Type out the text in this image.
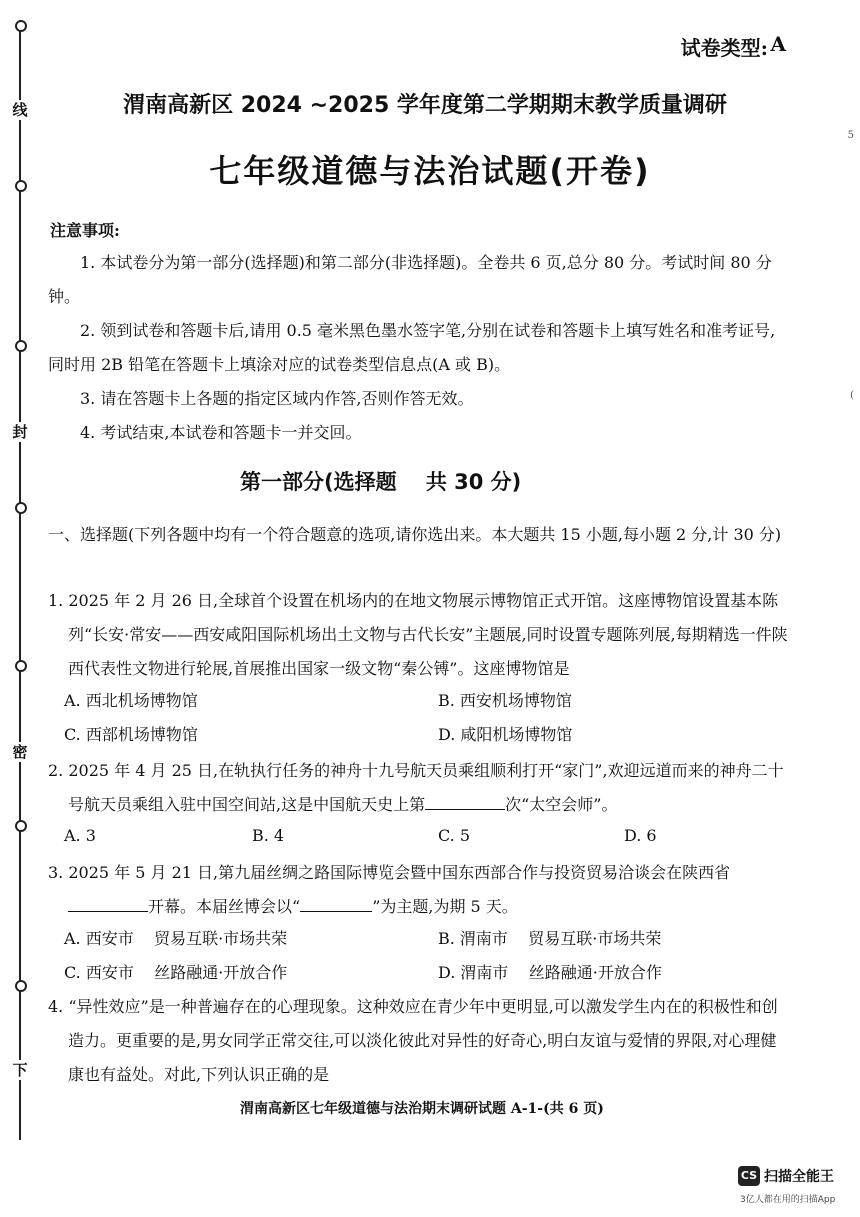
线
封
密
下
5
(
试卷类型: A
渭南高新区 2024 ~2025 学年度第二学期期末教学质量调研
七年级道德与法治试题(开卷)
注意事项:

1. 本试卷分为第一部分(选择题)和第二部分(非选择题)。全卷共 6 页,总分 80 分。考试时间 80 分钟。

2. 领到试卷和答题卡后,请用 0.5 毫米黑色墨水签字笔,分别在试卷和答题卡上填写姓名和准考证号,同时用 2B 铅笔在答题卡上填涂对应的试卷类型信息点(A 或 B)。

3. 请在答题卡上各题的指定区域内作答,否则作答无效。

4. 考试结束,本试卷和答题卡一并交回。

第一部分(选择题    共 30 分)

一、选择题(下列各题中均有一个符合题意的选项,请你选出来。本大题共 15 小题,每小题 2 分,计 30 分)

1. 2025 年 2 月 26 日,全球首个设置在机场内的在地文物展示博物馆正式开馆。这座博物馆设置基本陈列“长安·常安——西安咸阳国际机场出土文物与古代长安”主题展,同时设置专题陈列展,每期精选一件陕西代表性文物进行轮展,首展推出国家一级文物“秦公镈”。这座博物馆是

A. 西北机场博物馆	B. 西安机场博物馆
C. 西部机场博物馆	D. 咸阳机场博物馆

2. 2025 年 4 月 25 日,在轨执行任务的神舟十九号航天员乘组顺利打开“家门”,欢迎远道而来的神舟二十号航天员乘组入驻中国空间站,这是中国航天史上第	次“太空会师”。

A. 3	B. 4	C. 5	D. 6

3. 2025 年 5 月 21 日,第九届丝绸之路国际博览会暨中国东西部合作与投资贸易洽谈会在陕西省开幕。本届丝博会以“	”为主题,为期 5 天。

A. 西安市    贸易互联·市场共荣	B. 渭南市    贸易互联·市场共荣
C. 西安市    丝路融通·开放合作	D. 渭南市    丝路融通·开放合作

4. “异性效应”是一种普遍存在的心理现象。这种效应在青少年中更明显,可以激发学生内在的积极性和创造力。更重要的是,男女同学正常交往,可以淡化彼此对异性的好奇心,明白友谊与爱情的界限,对心理健康也有益处。对此,下列认识正确的是

渭南高新区七年级道德与法治期末调研试题 A-1-(共 6 页)
CS 扫描全能王
3亿人都在用的扫描App
